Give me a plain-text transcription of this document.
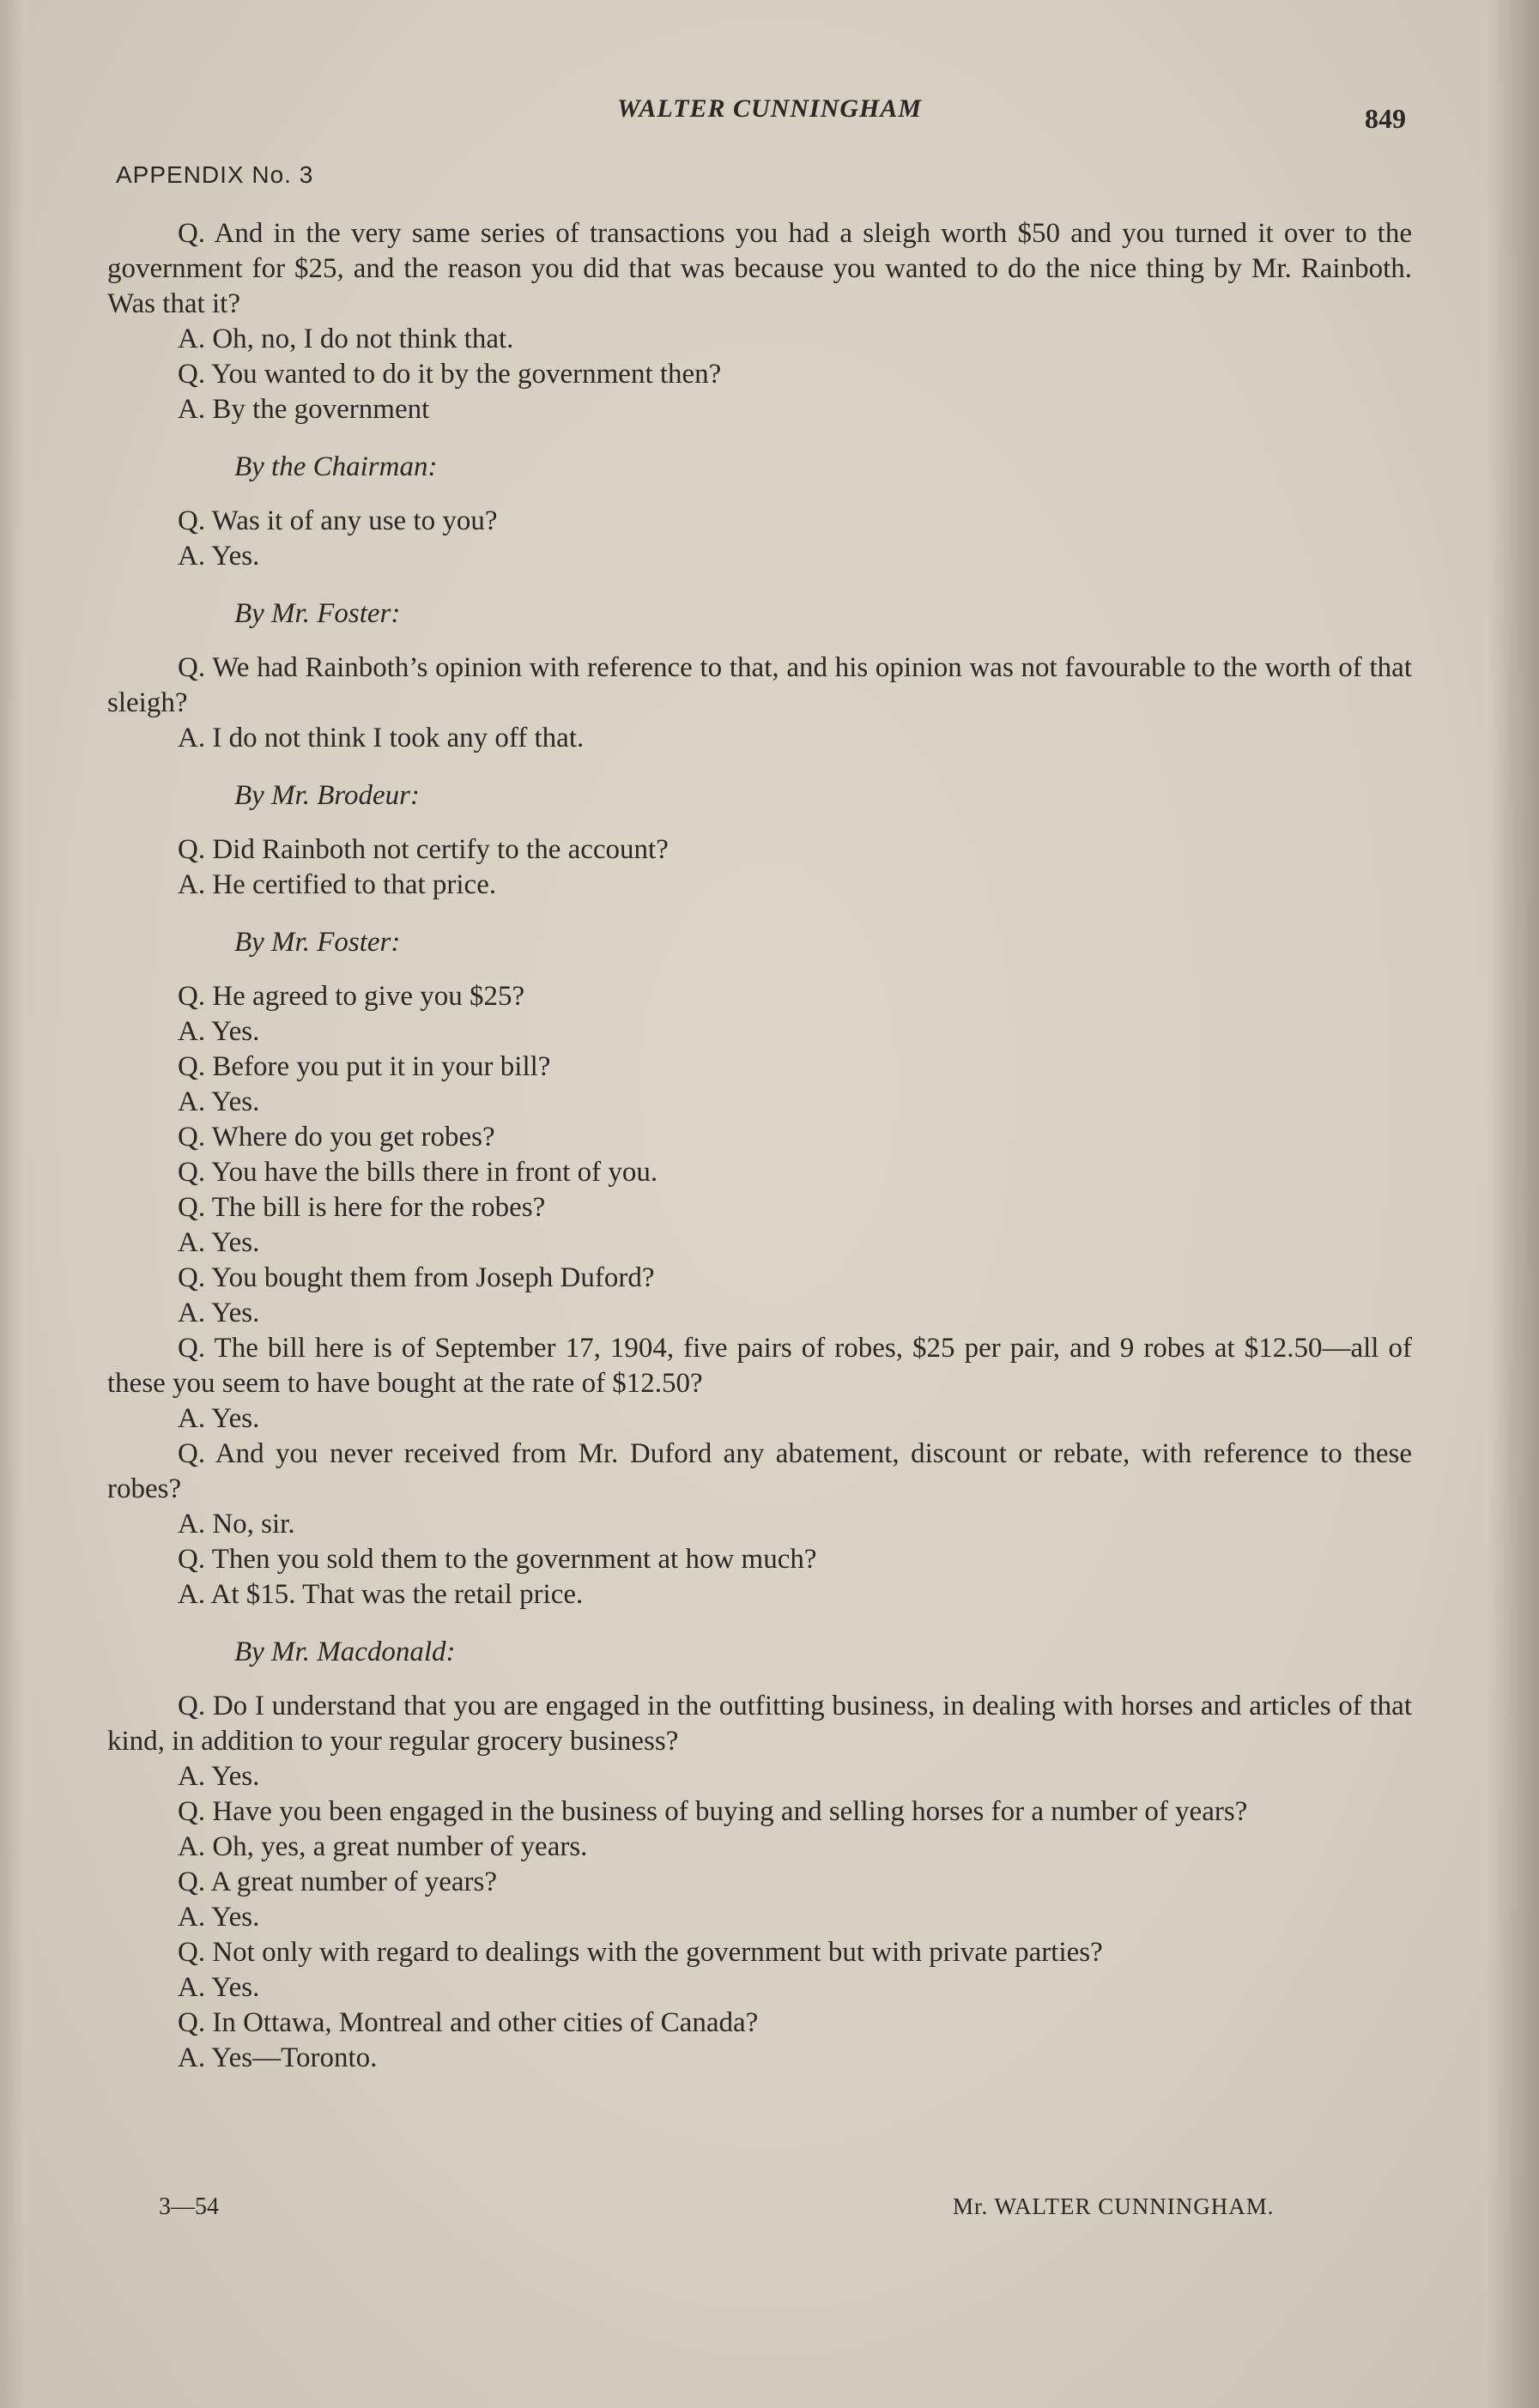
WALTER CUNNINGHAM	849
APPENDIX No. 3

Q. And in the very same series of transactions you had a sleigh worth $50 and you turned it over to the government for $25, and the reason you did that was because you wanted to do the nice thing by Mr. Rainboth. Was that it?

A. Oh, no, I do not think that.

Q. You wanted to do it by the government then?

A. By the government

By the Chairman:

Q. Was it of any use to you?

A. Yes.

By Mr. Foster:

Q. We had Rainboth’s opinion with reference to that, and his opinion was not favourable to the worth of that sleigh?

A. I do not think I took any off that.

By Mr. Brodeur:

Q. Did Rainboth not certify to the account?

A. He certified to that price.

By Mr. Foster:

Q. He agreed to give you $25?

A. Yes.

Q. Before you put it in your bill?

A. Yes.

Q. Where do you get robes?

Q. You have the bills there in front of you.

Q. The bill is here for the robes?

A. Yes.

Q. You bought them from Joseph Duford?

A. Yes.

Q. The bill here is of September 17, 1904, five pairs of robes, $25 per pair, and 9 robes at $12.50—all of these you seem to have bought at the rate of $12.50?

A. Yes.

Q. And you never received from Mr. Duford any abatement, discount or rebate, with reference to these robes?

A. No, sir.

Q. Then you sold them to the government at how much?

A. At $15. That was the retail price.

By Mr. Macdonald:

Q. Do I understand that you are engaged in the outfitting business, in dealing with horses and articles of that kind, in addition to your regular grocery business?

A. Yes.

Q. Have you been engaged in the business of buying and selling horses for a number of years?

A. Oh, yes, a great number of years.

Q. A great number of years?

A. Yes.

Q. Not only with regard to dealings with the government but with private parties?

A. Yes.

Q. In Ottawa, Montreal and other cities of Canada?

A. Yes—Toronto.

3—54	Mr. WALTER CUNNINGHAM.
